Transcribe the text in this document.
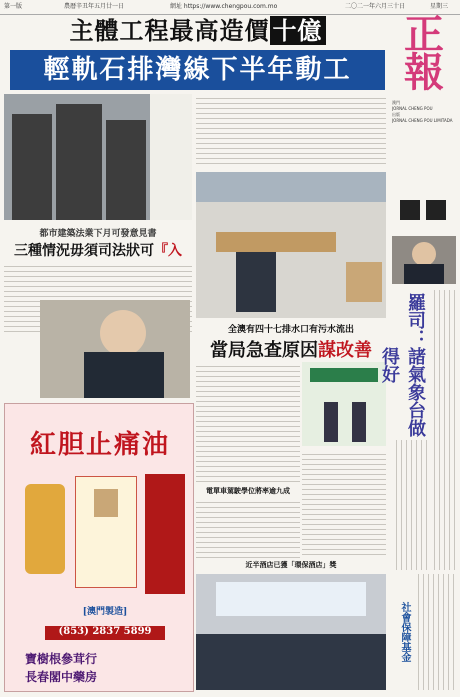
第一版	農曆辛丑年五月廿一日	網址 https://www.chengpou.com.mo	二〇二一年六月三十日	星期三
主體工程最高造價 十億
輕軌石排灣線下半年動工
正
報
澳門
JORNAL CHENG POU
出版
JORNAL CHENG POU LIMITADA
都市建築法業下月可發意見書
三種情況毋須司法狀可『入
全澳有四十七排水口有污水流出
當局急查原因謀改善
電單車駕駛學位將率逾九成
近半酒店已獲「環保酒店」獎
羅司：諸氣象台做得好
社會保障基金
紅胆止痛油
[澳門製造]
(853) 2837 5899
寶樹根參茸行
長春閣中藥房
